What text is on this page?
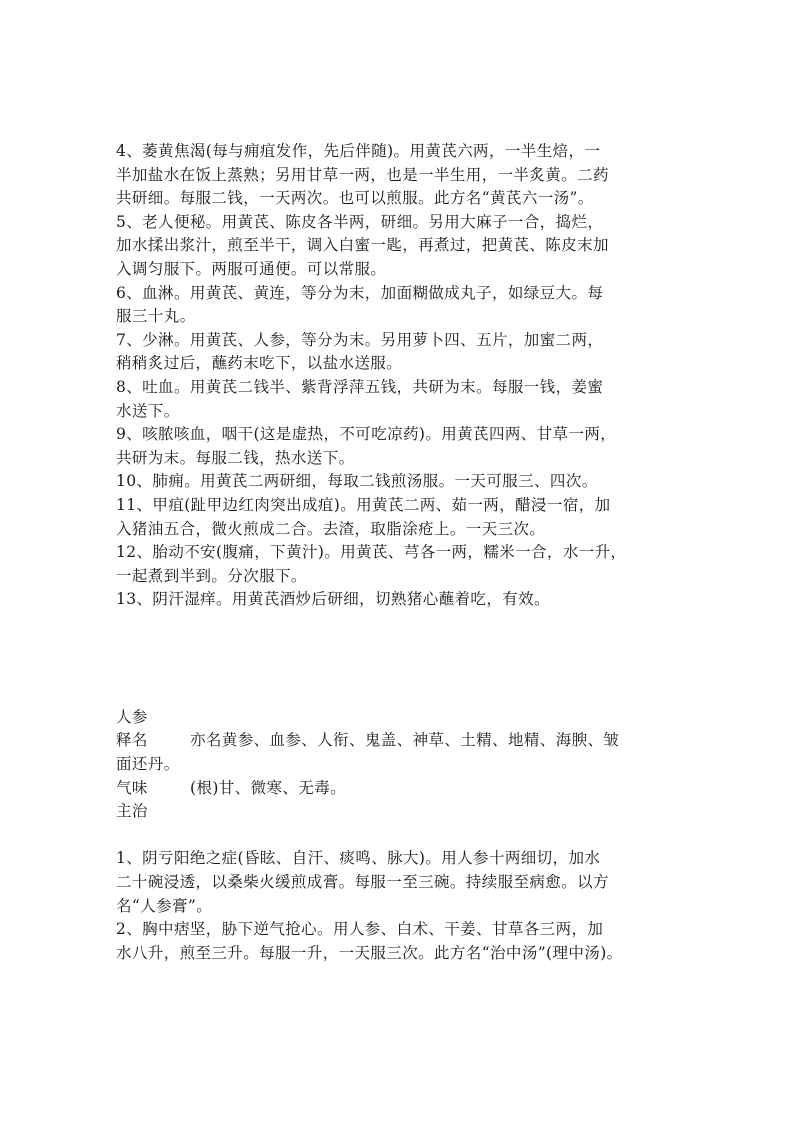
4、萎黄焦渴(每与痈疽发作，先后伴随)。用黄芪六两，一半生焙，一
半加盐水在饭上蒸熟；另用甘草一两，也是一半生用，一半炙黄。二药
共研细。每服二钱，一天两次。也可以煎服。此方名“黄芪六一汤”。
5、老人便秘。用黄芪、陈皮各半两，研细。另用大麻子一合，捣烂，
加水揉出浆汁，煎至半干，调入白蜜一匙，再煮过，把黄芪、陈皮末加
入调匀服下。两服可通便。可以常服。
6、血淋。用黄芪、黄连，等分为末，加面糊做成丸子，如绿豆大。每
服三十丸。
7、少淋。用黄芪、人参，等分为末。另用萝卜四、五片，加蜜二两，
稍稍炙过后，蘸药末吃下，以盐水送服。
8、吐血。用黄芪二钱半、紫背浮萍五钱，共研为末。每服一钱，姜蜜
水送下。
9、咳脓咳血，咽干(这是虚热，不可吃凉药)。用黄芪四两、甘草一两，
共研为末。每服二钱，热水送下。
10、肺痈。用黄芪二两研细，每取二钱煎汤服。一天可服三、四次。
11、甲疽(趾甲边红肉突出成疽)。用黄芪二两、茹一两，醋浸一宿，加
入猪油五合，微火煎成二合。去渣，取脂涂疮上。一天三次。
12、胎动不安(腹痛，下黄汁)。用黄芪、芎各一两，糯米一合，水一升，
一起煮到半到。分次服下。
13、阴汗湿痒。用黄芪酒炒后研细，切熟猪心蘸着吃，有效。
人参
释名	亦名黄参、血参、人衔、鬼盖、神草、土精、地精、海腴、皱
面还丹。
气味	(根)甘、微寒、无毒。
主治
1、阴亏阳绝之症(昏眩、自汗、痰鸣、脉大)。用人参十两细切，加水
二十碗浸透，以桑柴火缓煎成膏。每服一至三碗。持续服至病愈。以方
名“人参膏”。
2、胸中痞坚，胁下逆气抢心。用人参、白术、干姜、甘草各三两，加
水八升，煎至三升。每服一升，一天服三次。此方名“治中汤”(理中汤)。
